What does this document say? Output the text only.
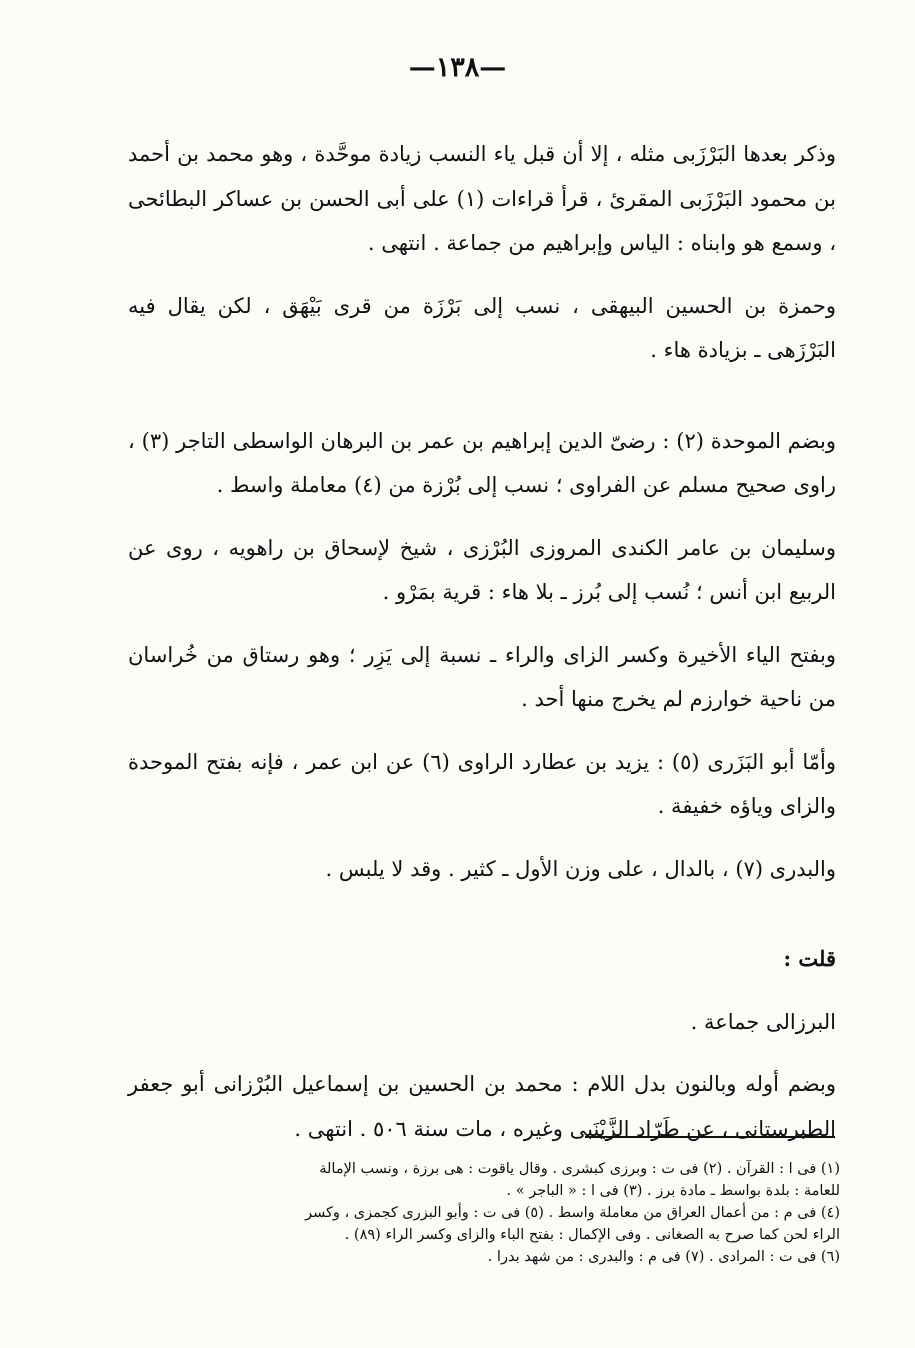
—١٣٨—

وذكر بعدها البَرْزَبى مثله ، إلا أن قبل ياء النسب زيادة موحَّدة ، وهو محمد بن أحمد بن محمود البَرْزَبى المقرئ ، قرأ قراءات (١) على أبى الحسن بن عساكر البطائحى ، وسمع هو وابناه : الياس وإبراهيم من جماعة . انتهى .

وحمزة بن الحسين البيهقى ، نسب إلى بَرْزَة من قرى بَيْهَق ، لكن يقال فيه البَرْزَهى ـ بزيادة هاء .

وبضم الموحدة (٢) : رضىّ الدين إبراهيم بن عمر بن البرهان الواسطى التاجر (٣) ، راوى صحيح مسلم عن الفراوى ؛ نسب إلى بُرْزة من (٤) معاملة واسط .

وسليمان بن عامر الكندى المروزى البُرْزى ، شيخ لإسحاق بن راهويه ، روى عن الربيع ابن أنس ؛ نُسب إلى بُرز ـ بلا هاء : قرية بمَرْو .

وبفتح الياء الأخيرة وكسر الزاى والراء ـ نسبة إلى يَزِر ؛ وهو رستاق من خُراسان من ناحية خوارزم لم يخرج منها أحد .

وأمّا أبو البَزَرى (٥) : يزيد بن عطارد الراوى (٦) عن ابن عمر ، فإنه بفتح الموحدة والزاى وياؤه خفيفة .

والبدرى (٧) ، بالدال ، على وزن الأول ـ كثير . وقد لا يلبس .

قلت :

البرزالى جماعة .

وبضم أوله وبالنون بدل اللام : محمد بن الحسين بن إسماعيل البُرْزانى أبو جعفر الطبرستانى ، عن طَرّاد الزَّيْنَبى وغيره ، مات سنة ٥٠٦ . انتهى .

(١) فى ا : القرآن . (٢) فى ت : وبرزى كبشرى . وقال ياقوت : هى برزة ، ونسب الإمالة
للعامة : بلدة بواسط ـ مادة برز . (٣) فى ا : « الباجر » .
(٤) فى م : من أعمال العراق من معاملة واسط . (٥) فى ت : وأبو البزرى كجمزى ، وكسر
الراء لحن كما صرح به الصغانى . وفى الإكمال : بفتح الباء والزاى وكسر الراء (٨٩) .
(٦) فى ت : المرادى . (٧) فى م : والبدرى : من شهد بدرا .
